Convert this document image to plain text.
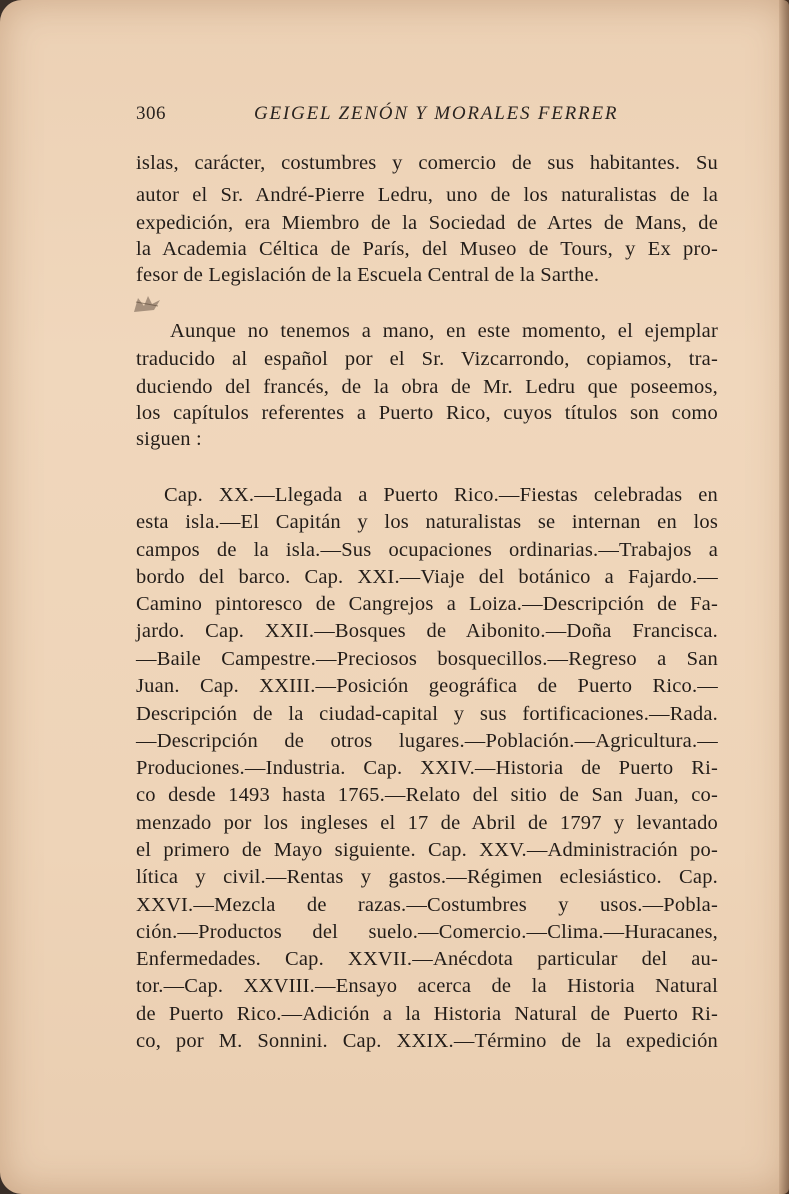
306	GEIGEL ZENÓN Y MORALES FERRER
islas, carácter, costumbres y comercio de sus habitantes. Su
autor el Sr. André-Pierre Ledru, uno de los naturalistas de la
expedición, era Miembro de la Sociedad de Artes de Mans, de
la Academia Céltica de París, del Museo de Tours, y Ex pro-
fesor de Legislación de la Escuela Central de la Sarthe.
Aunque no tenemos a mano, en este momento, el ejemplar
traducido al español por el Sr. Vizcarrondo, copiamos, tra-
duciendo del francés, de la obra de Mr. Ledru que poseemos,
los capítulos referentes a Puerto Rico, cuyos títulos son como
siguen :
Cap. XX.—Llegada a Puerto Rico.—Fiestas celebradas en
esta isla.—El Capitán y los naturalistas se internan en los
campos de la isla.—Sus ocupaciones ordinarias.—Trabajos a
bordo del barco. Cap. XXI.—Viaje del botánico a Fajardo.—
Camino pintoresco de Cangrejos a Loiza.—Descripción de Fa-
jardo. Cap. XXII.—Bosques de Aibonito.—Doña Francisca.
—Baile Campestre.—Preciosos bosquecillos.—Regreso a San
Juan. Cap. XXIII.—Posición geográfica de Puerto Rico.—
Descripción de la ciudad-capital y sus fortificaciones.—Rada.
—Descripción de otros lugares.—Población.—Agricultura.—
Produciones.—Industria. Cap. XXIV.—Historia de Puerto Ri-
co desde 1493 hasta 1765.—Relato del sitio de San Juan, co-
menzado por los ingleses el 17 de Abril de 1797 y levantado
el primero de Mayo siguiente. Cap. XXV.—Administración po-
lítica y civil.—Rentas y gastos.—Régimen eclesiástico. Cap.
XXVI.—Mezcla de razas.—Costumbres y usos.—Pobla-
ción.—Productos del suelo.—Comercio.—Clima.—Huracanes,
Enfermedades. Cap. XXVII.—Anécdota particular del au-
tor.—Cap. XXVIII.—Ensayo acerca de la Historia Natural
de Puerto Rico.—Adición a la Historia Natural de Puerto Ri-
co, por M. Sonnini. Cap. XXIX.—Término de la expedición
